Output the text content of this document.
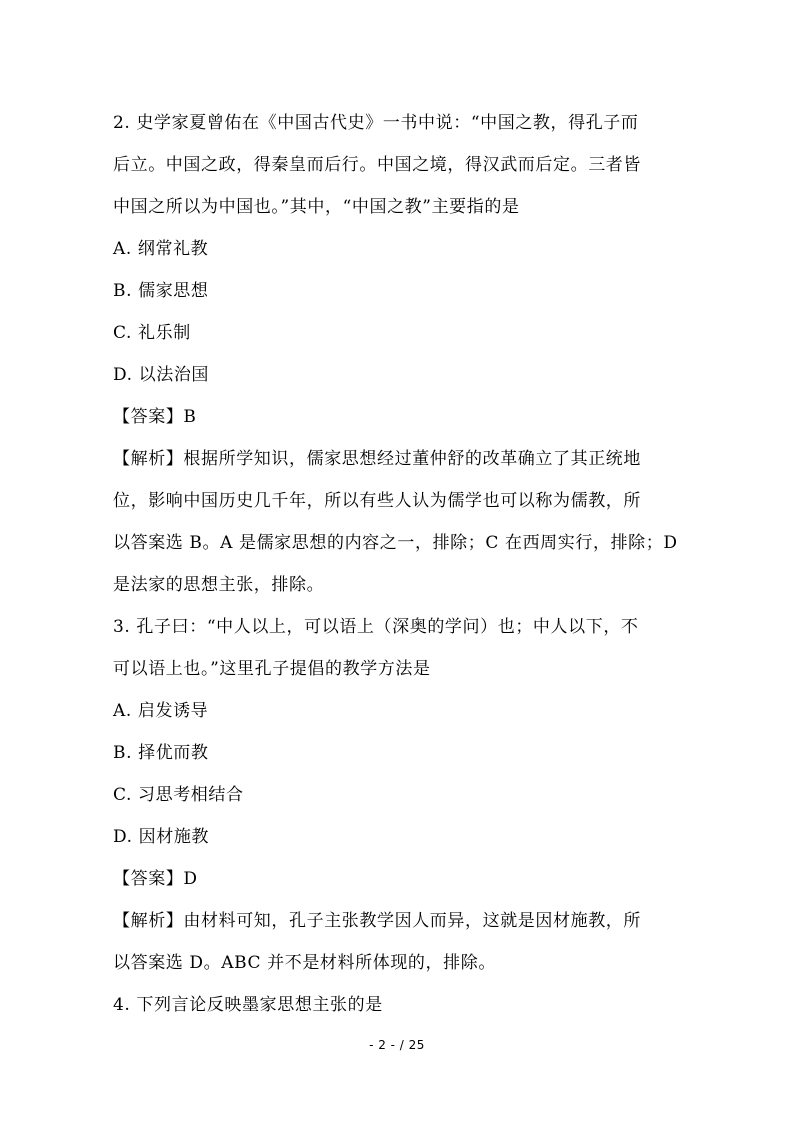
2. 史学家夏曾佑在《中国古代史》一书中说：“中国之教，得孔子而
后立。中国之政，得秦皇而后行。中国之境，得汉武而后定。三者皆
中国之所以为中国也。”其中，“中国之教”主要指的是
A. 纲常礼教
B. 儒家思想
C. 礼乐制
D. 以法治国
【答案】B
【解析】根据所学知识，儒家思想经过董仲舒的改革确立了其正统地
位，影响中国历史几千年，所以有些人认为儒学也可以称为儒教，所
以答案选 B。A 是儒家思想的内容之一，排除；C 在西周实行，排除；D
是法家的思想主张，排除。
3. 孔子曰：“中人以上，可以语上（深奥的学问）也；中人以下，不
可以语上也。”这里孔子提倡的教学方法是
A. 启发诱导
B. 择优而教
C. 习思考相结合
D. 因材施教
【答案】D
【解析】由材料可知，孔子主张教学因人而异，这就是因材施教，所
以答案选 D。ABC 并不是材料所体现的，排除。
4. 下列言论反映墨家思想主张的是
- 2 - / 25
